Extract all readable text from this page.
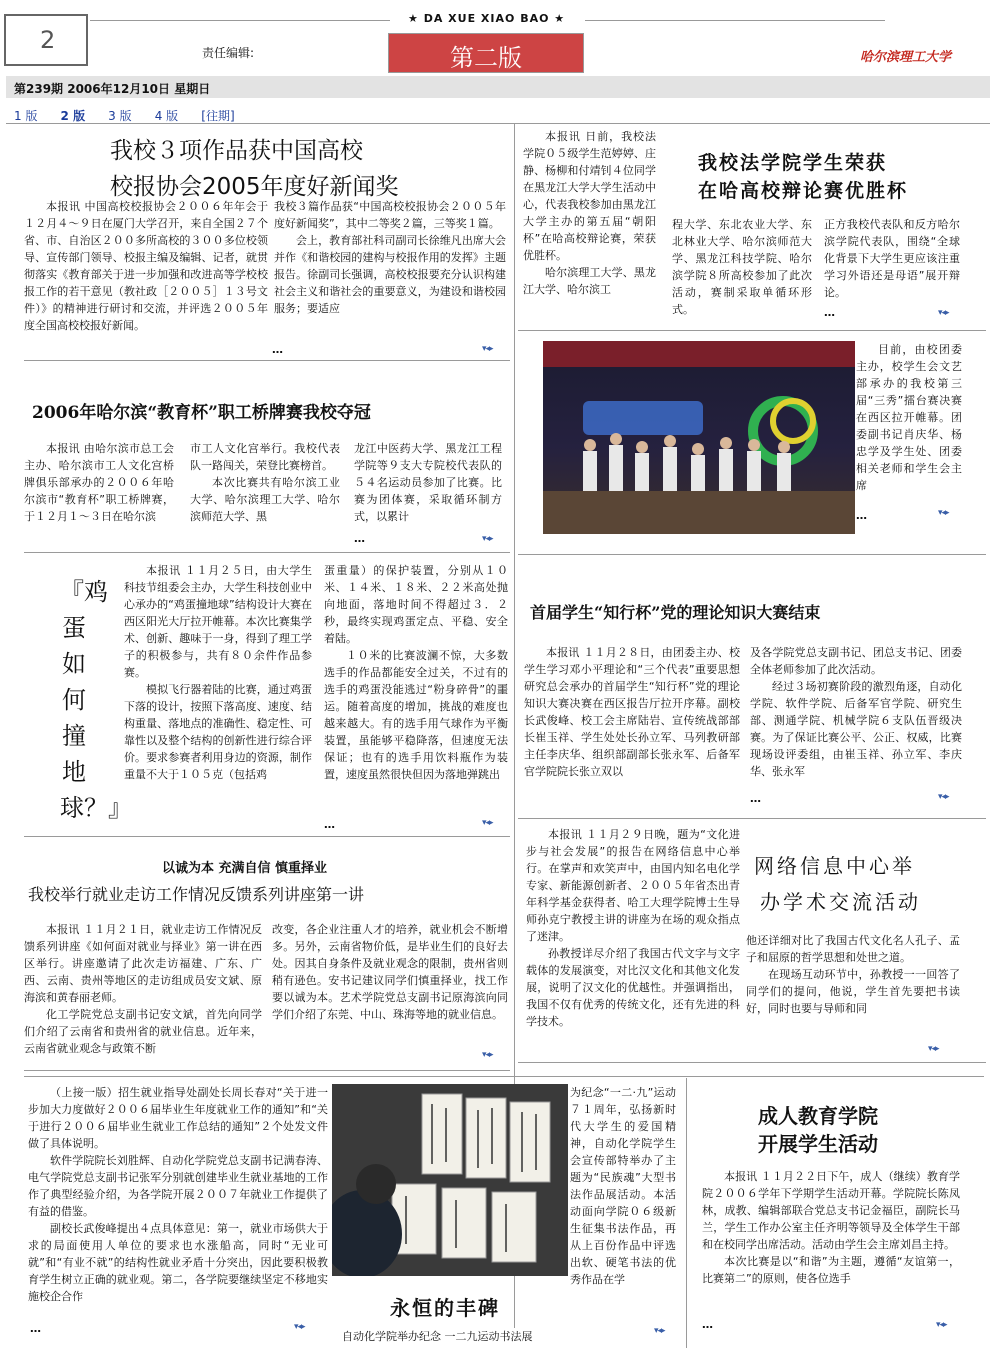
2	责任编辑:
★ DA XUE XIAO BAO ★
第二版	哈尔滨理工大学
第239期 2006年12月10日 星期日
1 版 2 版 3 版 4 版 [往期]
我校３项作品获中国高校
校报协会2005年度好新闻奖

本报讯 中国高校校报协会２００６年年会于１２月４～９日在厦门大学召开，来自全国２７个省、市、自治区２００多所高校的３００多位校领导、宣传部门领导、校报主编及编辑、记者，就贯彻落实《教育部关于进一步加强和改进高等学校校报工作的若干意见（教社政［２００５］１３号文件）》的精神进行研讨和交流，并评选２００５年度全国高校校报好新闻。

我校３篇作品获“中国高校校报协会２００５年度好新闻奖”，其中二等奖２篇，三等奖１篇。

会上，教育部社科司副司长徐维凡出席大会并作《和谐校园的建构与校报作用的发挥》主题报告。徐副司长强调，高校校报要充分认识构建社会主义和谐社会的重要意义，为建设和谐校园服务；要适应

…	▾◂▸

本报讯 日前，我校法学院０５级学生范婷婷、庄静、杨柳和付靖钊４位同学在黑龙江大学大学生活动中心，代表我校参加由黑龙江大学主办的第五届“朝阳杯”在哈高校辩论赛，荣获优胜杯。

哈尔滨理工大学、黑龙江大学、哈尔滨工

我校法学院学生荣获
在哈高校辩论赛优胜杯

程大学、东北农业大学、东北林业大学、哈尔滨师范大学、黑龙江科技学院、哈尔滨学院８所高校参加了此次活动，赛制采取单循环形式。

正方我校代表队和反方哈尔滨学院代表队，围绕“全球化背景下大学生更应该注重学习外语还是母语”展开辩论。

…	▾◂▸
2006年哈尔滨“教育杯”职工桥牌赛我校夺冠

本报讯 由哈尔滨市总工会主办、哈尔滨市工人文化宫桥牌俱乐部承办的２００６年哈尔滨市“教育杯”职工桥牌赛，于１２月１～３日在哈尔滨

市工人文化宫举行。我校代表队一路闯关，荣登比赛榜首。

本次比赛共有哈尔滨工业大学、哈尔滨理工大学、哈尔滨师范大学、黑

龙江中医药大学、黑龙江工程学院等９支大专院校代表队的５４名运动员参加了比赛。比赛为团体赛，采取循环制方式，以累计

…	▾◂▸

目前，由校团委主办，校学生会文艺部承办的我校第三届“三秀”擂台赛决赛在西区拉开帷幕。团委副书记肖庆华、杨忠学及学生处、团委相关老师和学生会主席

…	▾◂▸
『鸡蛋如何撞地球？』

本报讯 １１月２５日，由大学生科技节组委会主办，大学生科技创业中心承办的“鸡蛋撞地球”结构设计大赛在西区阳光大厅拉开帷幕。本次比赛集学术、创新、趣味于一身，得到了理工学子的积极参与，共有８０余件作品参赛。

模拟飞行器着陆的比赛，通过鸡蛋下落的设计，按照下落高度、速度、结构重量、落地点的准确性、稳定性、可靠性以及整个结构的创新性进行综合评价。要求参赛者利用身边的资源，制作重量不大于１０５克（包括鸡

蛋重量）的保护装置，分别从１０米、１４米、１８米、２２米高处抛向地面，落地时间不得超过３．２秒，最终实现鸡蛋定点、平稳、安全着陆。

１０米的比赛波澜不惊，大多数选手的作品都能安全过关，不过有的选手的鸡蛋没能逃过“粉身碎骨”的噩运。随着高度的增加，挑战的难度也越来越大。有的选手用气球作为平衡装置，虽能够平稳降落，但速度无法保证；也有的选手用饮料瓶作为装置，速度虽然很快但因为落地弹跳出

…	▾◂▸
首届学生“知行杯”党的理论知识大赛结束

本报讯 １１月２８日，由团委主办、校学生学习邓小平理论和“三个代表”重要思想研究总会承办的首届学生“知行杯”党的理论知识大赛决赛在西区报告厅拉开序幕。副校长武俊峰、校工会主席陆岩、宣传统战部部长崔玉祥、学生处处长孙立军、马列教研部主任李庆华、组织部副部长张永军、后备军官学院院长张立双以

及各学院党总支副书记、团总支书记、团委全体老师参加了此次活动。

经过３场初赛阶段的激烈角逐，自动化学院、软件学院、后备军官学院、研究生部、测通学院、机械学院６支队伍晋级决赛。为了保证比赛公平、公正、权威，比赛现场设评委组，由崔玉祥、孙立军、李庆华、张永军

…	▾◂▸
以诚为本 充满自信 慎重择业
我校举行就业走访工作情况反馈系列讲座第一讲

本报讯 １１月２１日，就业走访工作情况反馈系列讲座《如何面对就业与择业》第一讲在西区举行。讲座邀请了此次走访福建、广东、广西、云南、贵州等地区的走访组成员安文斌、原海滨和黄春丽老师。

化工学院党总支副书记安文斌，首先向同学们介绍了云南省和贵州省的就业信息。近年来，云南省就业观念与政策不断

改变，各企业注重人才的培养，就业机会不断增多。另外，云南省物价低，是毕业生们的良好去处。因其自身条件及就业观念的限制，贵州省则稍有逊色。安书记建议同学们慎重择业，找工作要以诚为本。艺术学院党总支副书记原海滨向同学们介绍了东莞、中山、珠海等地的就业信息。

▾◂▸

本报讯 １１月２９日晚，题为“文化进步与社会发展”的报告在网络信息中心举行。在掌声和欢笑声中，由国内知名电化学专家、新能源创新者、２００５年省杰出青年科学基金获得者、哈工大理学院博士生导师孙克宁教授主讲的讲座为在场的观众指点了迷津。

孙教授详尽介绍了我国古代文字与文字载体的发展演变，对比汉文化和其他文化发展，说明了汉文化的优越性。并强调指出，我国不仅有优秀的传统文化，还有先进的科学技术。

网络信息中心举
办学术交流活动

他还详细对比了我国古代文化名人孔子、孟子和屈原的哲学思想和处世之道。

在现场互动环节中，孙教授一一回答了同学们的提问，他说，学生首先要把书读好，同时也要与导师和同

▾◂▸

（上接一版）招生就业指导处副处长周长春对“关于进一步加大力度做好２００６届毕业生年度就业工作的通知”和“关于进行２００６届毕业生就业工作总结的通知”２个处发文件做了具体说明。

软件学院院长刘胜辉、自动化学院党总支副书记满春涛、电气学院党总支副书记张军分别就创建毕业生就业基地的工作作了典型经验介绍，为各学院开展２００７年就业工作提供了有益的借鉴。

副校长武俊峰提出４点具体意见：第一，就业市场供大于求的局面使用人单位的要求也水涨船高，同时“无业可就”和“有业不就”的结构性就业矛盾十分突出，因此要积极教育学生树立正确的就业观。第二，各学院要继续坚定不移地实施校企合作

…	▾◂▸

为纪念“一二·九”运动７１周年，弘扬新时代大学生的爱国精神，自动化学院学生会宣传部特举办了主题为“民族魂”大型书法作品展活动。本活动面向学院０６级新生征集书法作品，再从上百份作品中评选出软、硬笔书法的优秀作品在学

永恒的丰碑
自动化学院举办纪念 一二九运动书法展	▾◂▸
成人教育学院
开展学生活动

本报讯 １１月２２日下午，成人（继续）教育学院２００６学年下学期学生活动开幕。学院院长陈凤林，成教、编辑部联合党总支书记金福臣，副院长马兰，学生工作办公室主任齐明等领导及全体学生干部和在校同学出席活动。活动由学生会主席刘昌主持。

本次比赛是以“和谐”为主题，遵循“友谊第一，比赛第二”的原则，使各位选手

…	▾◂▸
